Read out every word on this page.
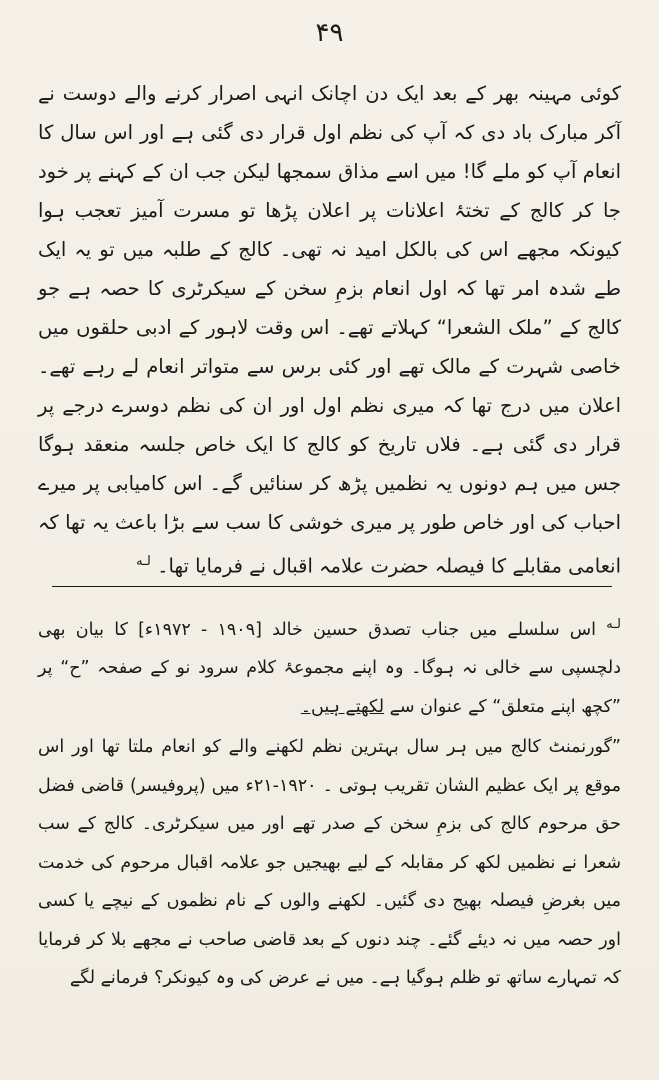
۴۹

کوئی مہینہ بھر کے بعد ایک دن اچانک انہی اصرار کرنے والے دوست نے آکر مبارک باد دی کہ آپ کی نظم اول قرار دی گئی ہے اور اس سال کا انعام آپ کو ملے گا! میں اسے مذاق سمجھا لیکن جب ان کے کہنے پر خود جا کر کالج کے تختۂ اعلانات پر اعلان پڑھا تو مسرت آمیز تعجب ہوا کیونکہ مجھے اس کی بالکل امید نہ تھی۔ کالج کے طلبہ میں تو یہ ایک طے شدہ امر تھا کہ اول انعام بزمِ سخن کے سیکرٹری کا حصہ ہے جو کالج کے ”ملک الشعرا“ کہلاتے تھے۔ اس وقت لاہور کے ادبی حلقوں میں خاصی شہرت کے مالک تھے اور کئی برس سے متواتر انعام لے رہے تھے۔ اعلان میں درج تھا کہ میری نظم اول اور ان کی نظم دوسرے درجے پر قرار دی گئی ہے۔ فلاں تاریخ کو کالج کا ایک خاص جلسہ منعقد ہوگا جس میں ہم دونوں یہ نظمیں پڑھ کر سنائیں گے۔ اس کامیابی پر میرے احباب کی اور خاص طور پر میری خوشی کا سب سے بڑا باعث یہ تھا کہ انعامی مقابلے کا فیصلہ حضرت علامہ اقبال نے فرمایا تھا۔ $^{لـه}$

$^{لـه}$ اس سلسلے میں جناب تصدق حسین خالد [۱۹۰۹ - ۱۹۷۲ء] کا بیان بھی دلچسپی سے خالی نہ ہوگا۔ وہ اپنے مجموعۂ کلام سرود نو کے صفحہ ”ح“ پر ”کچھ اپنے متعلق“ کے عنوان سے لکھتے ہیں۔

”گورنمنٹ کالج میں ہر سال بہترین نظم لکھنے والے کو انعام ملتا تھا اور اس موقع پر ایک عظیم الشان تقریب ہوتی ۔ ۱۹۲۰-۲۱ء میں (پروفیسر) قاضی فضل حق مرحوم کالج کی بزمِ سخن کے صدر تھے اور میں سیکرٹری۔ کالج کے سب شعرا نے نظمیں لکھ کر مقابلہ کے لیے بھیجیں جو علامہ اقبال مرحوم کی خدمت میں بغرضِ فیصلہ بھیج دی گئیں۔ لکھنے والوں کے نام نظموں کے نیچے یا کسی اور حصہ میں نہ دیئے گئے۔ چند دنوں کے بعد قاضی صاحب نے مجھے بلا کر فرمایا کہ تمہارے ساتھ تو ظلم ہوگیا ہے۔ میں نے عرض کی وہ کیونکر؟ فرمانے لگے
